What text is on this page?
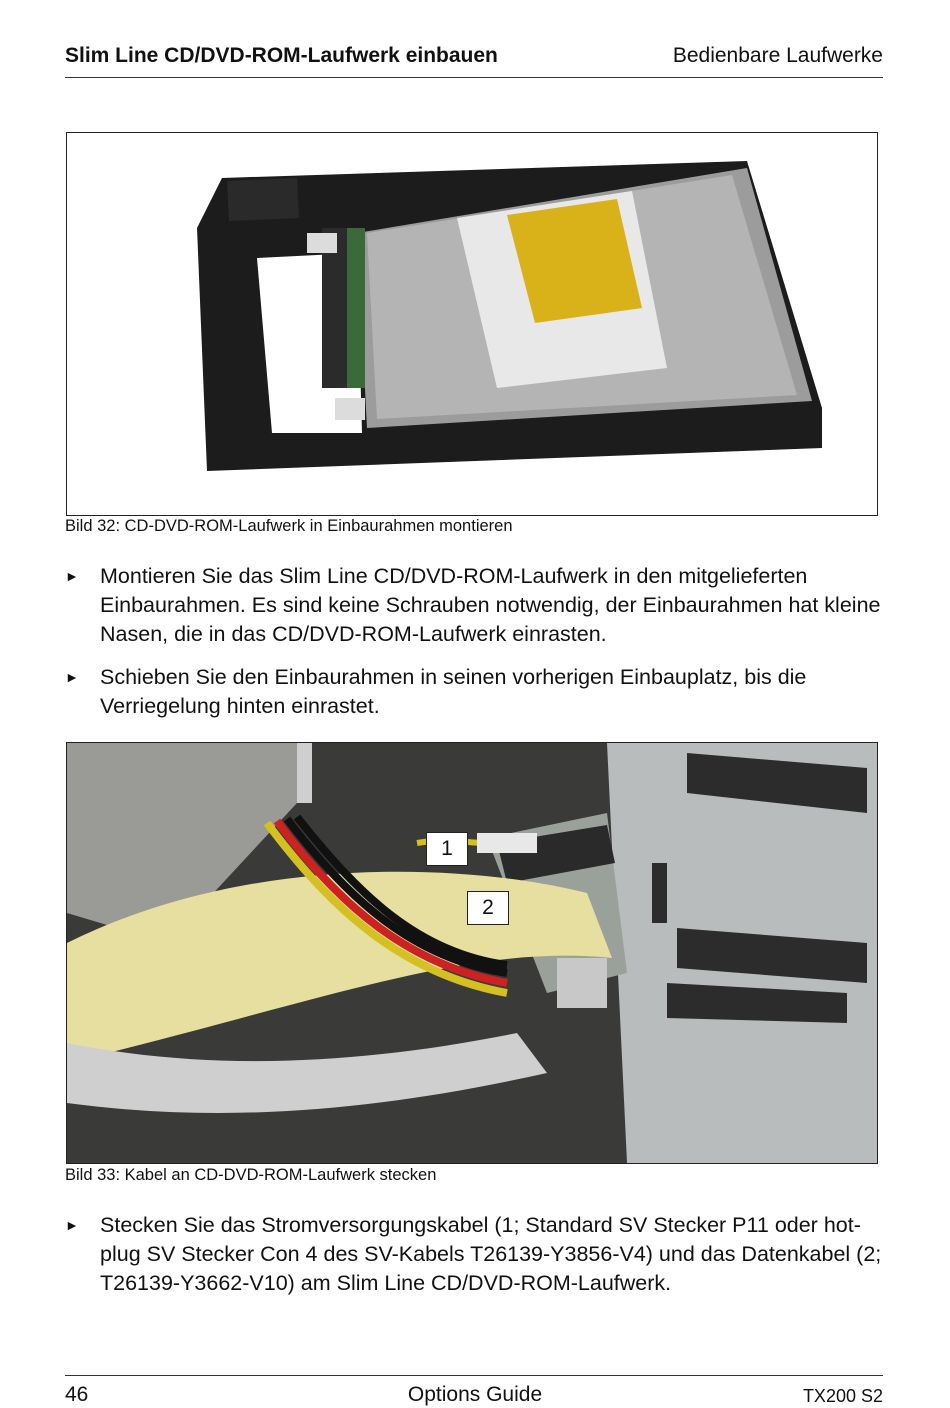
Slim Line CD/DVD-ROM-Laufwerk einbauen	Bedienbare Laufwerke
Bild 32: CD-DVD-ROM-Laufwerk in Einbaurahmen montieren
► Montieren Sie das Slim Line CD/DVD-ROM-Laufwerk in den mitgelieferten Einbaurahmen. Es sind keine Schrauben notwendig, der Einbaurahmen hat kleine Nasen, die in das CD/DVD-ROM-Laufwerk einrasten.
► Schieben Sie den Einbaurahmen in seinen vorherigen Einbauplatz, bis die Verriegelung hinten einrastet.
1
2
Bild 33: Kabel an CD-DVD-ROM-Laufwerk stecken
► Stecken Sie das Stromversorgungskabel (1; Standard SV Stecker P11 oder hot-plug SV Stecker Con 4 des SV-Kabels T26139-Y3856-V4) und das Datenkabel (2; T26139-Y3662-V10) am Slim Line CD/DVD-ROM-Laufwerk.
46	Options Guide	TX200 S2
